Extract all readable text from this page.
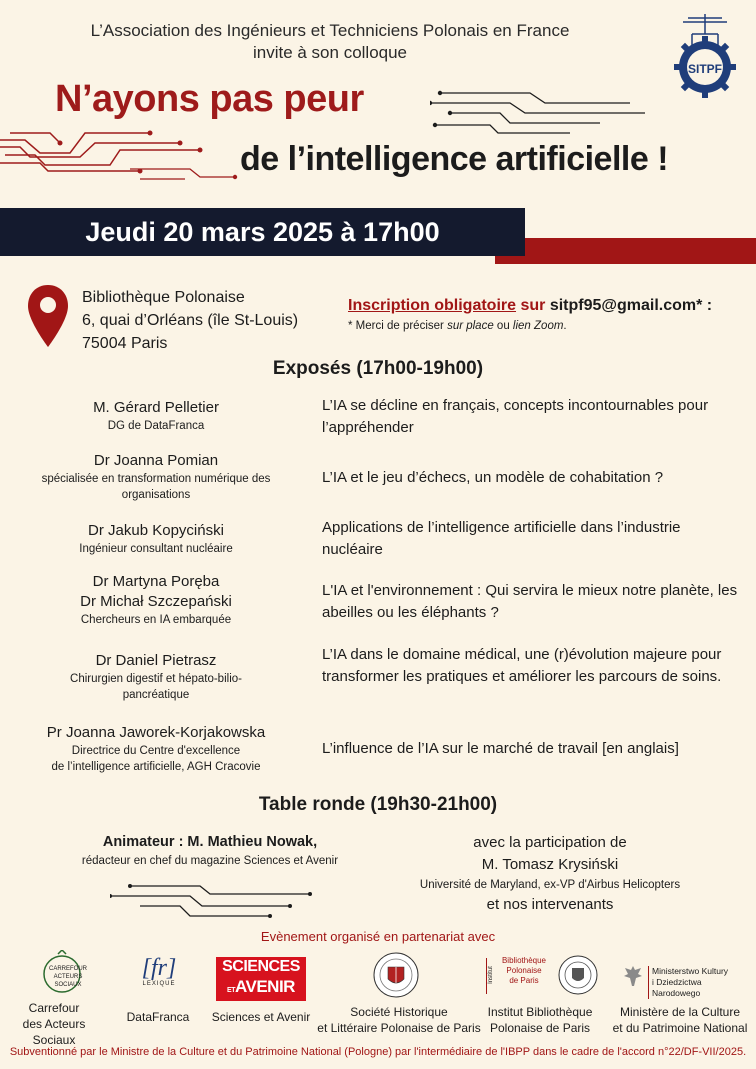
L’Association des Ingénieurs et Techniciens Polonais en France
invite à son colloque
SITPF
N’ayons pas peur
de l’intelligence artificielle !
Jeudi 20 mars 2025 à 17h00
Bibliothèque Polonaise
6, quai d’Orléans (île St-Louis)
75004 Paris
Inscription obligatoire sur sitpf95@gmail.com* :
* Merci de préciser sur place ou lien Zoom.
Exposés (17h00-19h00)
M. Gérard Pelletier
DG de DataFranca
L’IA se décline en français, concepts incontournables pour l’appréhender
Dr Joanna Pomian
spécialisée en transformation numérique des organisations
L’IA et le jeu d’échecs, un modèle de cohabitation ?
Dr Jakub Kopyciński
Ingénieur consultant nucléaire
Applications de l’intelligence artificielle dans l’industrie nucléaire
Dr Martyna Poręba
Dr Michał Szczepański
Chercheurs en IA embarquée
L'IA et l'environnement : Qui servira le mieux notre planète, les abeilles ou les éléphants ?
Dr Daniel Pietrasz
Chirurgien digestif et hépato-bilio-pancréatique
L’IA dans le domaine médical, une (r)évolution majeure pour transformer les pratiques et améliorer les parcours de soins.
Pr Joanna Jaworek-Korjakowska
Directrice du Centre d'excellence
de l’intelligence artificielle, AGH Cracovie
L’influence de l’IA sur le marché de travail [en anglais]
Table ronde (19h30-21h00)
Animateur : M. Mathieu Nowak,
rédacteur en chef du magazine Sciences et Avenir
avec la participation de
M. Tomasz Krysiński
Université de Maryland, ex-VP d'Airbus Helicopters
et nos intervenants
Evènement organisé en partenariat avec
CARREFOUR
ACTEURS
SOCIAUX
Carrefour
des Acteurs Sociaux
[fr]
LEXIQUE
DataFranca
SCIENCES
ETAVENIR
Sciences et Avenir	Société Historique
et Littéraire Polonaise de Paris
Institut
Bibliothèque
Polonaise
de Paris
Institut Bibliothèque
Polonaise de Paris
Ministerstwo Kultury
i Dziedzictwa Narodowego
Ministère de la Culture
et du Patrimoine National
Subventionné par le Ministre de la Culture et du Patrimoine National (Pologne) par l'intermédiaire de l'IBPP dans le cadre de l'accord n°22/DF-VII/2025.
